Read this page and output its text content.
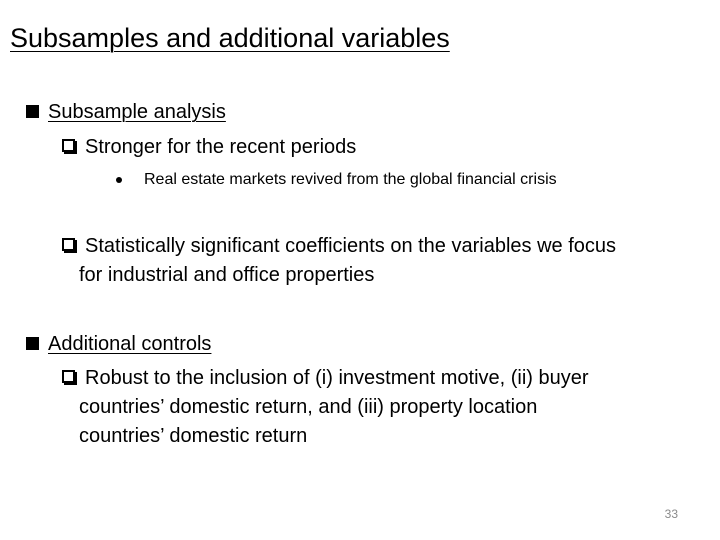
Subsamples and additional variables
Subsample analysis
Stronger for the recent periods
Real estate markets revived from the global financial crisis
Statistically significant coefficients on the variables we focus
for industrial and office properties
Additional controls
Robust to the inclusion of (i) investment motive, (ii) buyer
countries’ domestic return, and (iii) property location
countries’ domestic return
33
